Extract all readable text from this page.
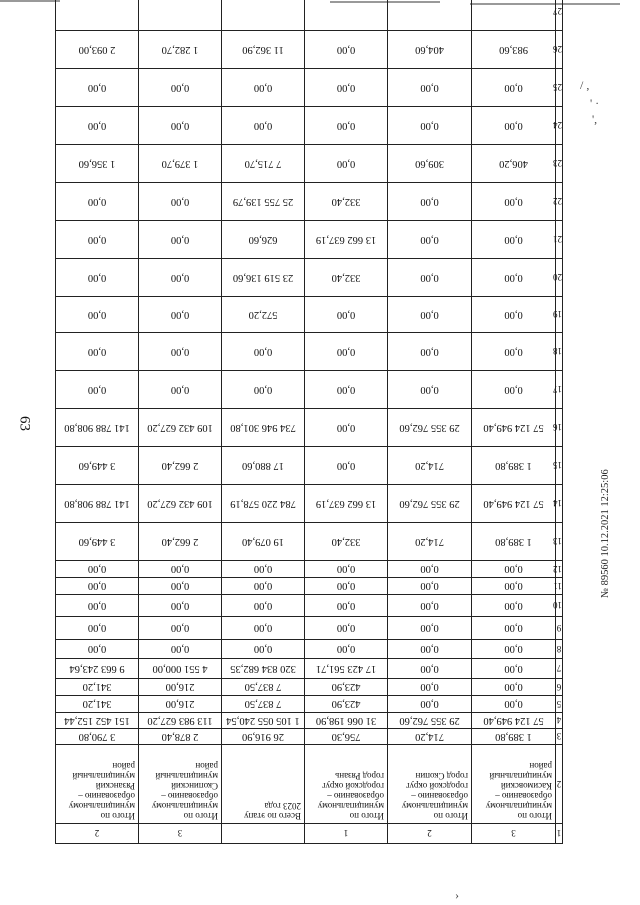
63
/ ,
' ·
',
›
1	3	2	1		3	2
2	Итого по муниципальному образованию – Касимовский муниципальный район	Итого по муниципальному образованию – городской округ город Скопин	Итого по муниципальному образованию – городской округ город Рязань	Всего по этапу 2023 года	Итого по муниципальному образованию – Скопинский муниципальный район	Итого по муниципальному образованию – Рязанский муниципальный район
3	1 389,80	714,20	756,30	26 916,90	2 878,40	3 790,80
4	57 124 949,40	29 355 762,60	31 066 198,90	1 105 055 240,54	113 983 627,20	151 452 152,44
5	0,00	0,00	423,90	7 837,50	216,00	341,20
6	0,00	0,00	423,90	7 837,50	216,00	341,20
7	0,00	0,00	17 423 561,71	320 834 682,35	4 551 000,00	9 663 243,64
8	0,00	0,00	0,00	0,00	0,00	0,00
9	0,00	0,00	0,00	0,00	0,00	0,00
10	0,00	0,00	0,00	0,00	0,00	0,00
11	0,00	0,00	0,00	0,00	0,00	0,00
12	0,00	0,00	0,00	0,00	0,00	0,00
13	1 389,80	714,20	332,40	19 079,40	2 662,40	3 449,60
14	57 124 949,40	29 355 762,60	13 662 637,19	784 220 578,19	109 432 627,20	141 788 908,80
15	1 389,80	714,20	0,00	17 880,60	2 662,40	3 449,60
16	57 124 949,40	29 355 762,60	0,00	734 946 301,80	109 432 627,20	141 788 908,80
17	0,00	0,00	0,00	0,00	0,00	0,00
18	0,00	0,00	0,00	0,00	0,00	0,00
19	0,00	0,00	0,00	572,20	0,00	0,00
20	0,00	0,00	332,40	23 519 136,60	0,00	0,00
21	0,00	0,00	13 662 637,19	626,60	0,00	0,00
22	0,00	0,00	332,40	25 755 139,79	0,00	0,00
23	406,20	309,60	0,00	7 715,70	1 379,70	1 356,60
24	0,00	0,00	0,00	0,00	0,00	0,00
25	0,00	0,00	0,00	0,00	0,00	0,00
26	983,60	404,60	0,00	11 362,90	1 282,70	2 093,00
27						
№ 89560 10.12.2021 12:25:06
